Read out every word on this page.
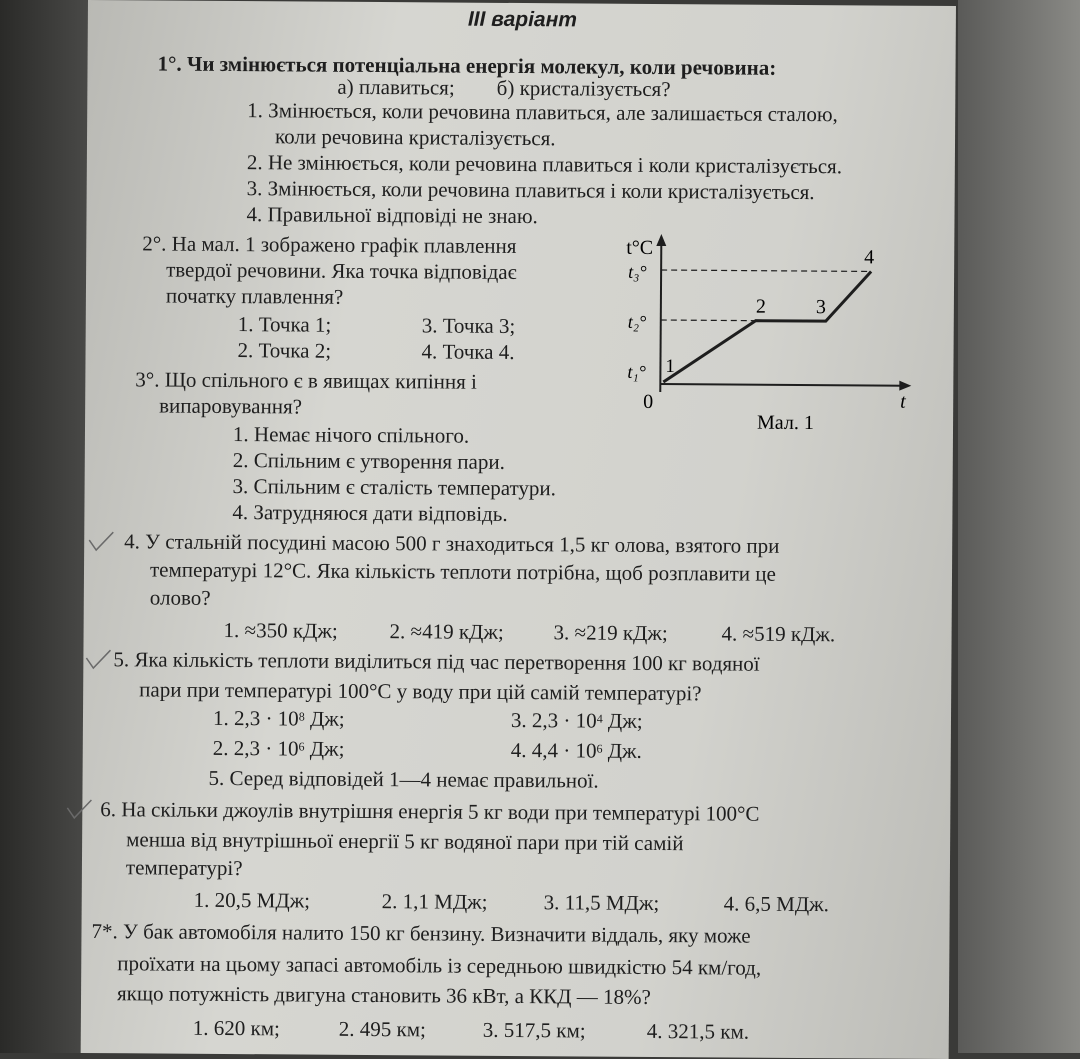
III варіант
1°. Чи змінюється потенціальна енергія молекул, коли речовина:
а) плавиться;        б) кристалізується?
1. Змінюється, коли речовина плавиться, але залишається сталою,
коли речовина кристалізується.
2. Не змінюється, коли речовина плавиться і коли кристалізується.
3. Змінюється, коли речовина плавиться і коли кристалізується.
4. Правильної відповіді не знаю.
2°. На мал. 1 зображено графік плавлення
твердої речовини. Яка точка відповідає
початку плавлення?
1. Точка 1;	3. Точка 3;
2. Точка 2;	4. Точка 4.
t°C
t₃°
t₂°
t₁°
0	t
1
2 3
4
Мал. 1
3°. Що спільного є в явищах кипіння і
випаровування?
1. Немає нічого спільного.
2. Спільним є утворення пари.
3. Спільним є сталість температури.
4. Затрудняюся дати відповідь.
4. У стальній посудині масою 500 г знаходиться 1,5 кг олова, взятого при
температурі 12°С. Яка кількість теплоти потрібна, щоб розплавити це
олово?
1. ≈350 кДж; 2. ≈419 кДж; 3. ≈219 кДж;	4. ≈519 кДж.
5. Яка кількість теплоти виділиться під час перетворення 100 кг водяної
пари при температурі 100°С у воду при цій самій температурі?
1. $2,3 \cdot 10^8$ Дж;	3. $2,3 \cdot 10^4$ Дж;
2. $2,3 \cdot 10^6$ Дж;	4. $4,4 \cdot 10^6$ Дж.
5. Серед відповідей 1—4 немає правильної.
6. На скільки джоулів внутрішня енергія 5 кг води при температурі 100°С
менша від внутрішньої енергії 5 кг водяної пари при тій самій
температурі?
1. 20,5 МДж;	2. 1,1 МДж;	3. 11,5 МДж;	4. 6,5 МДж.
7*. У бак автомобіля налито 150 кг бензину. Визначити віддаль, яку може
проїхати на цьому запасі автомобіль із середньою швидкістю 54 км/год,
якщо потужність двигуна становить 36 кВт, а ККД — 18%?
1. 620 км;	2. 495 км;	3. 517,5 км;	4. 321,5 км.
